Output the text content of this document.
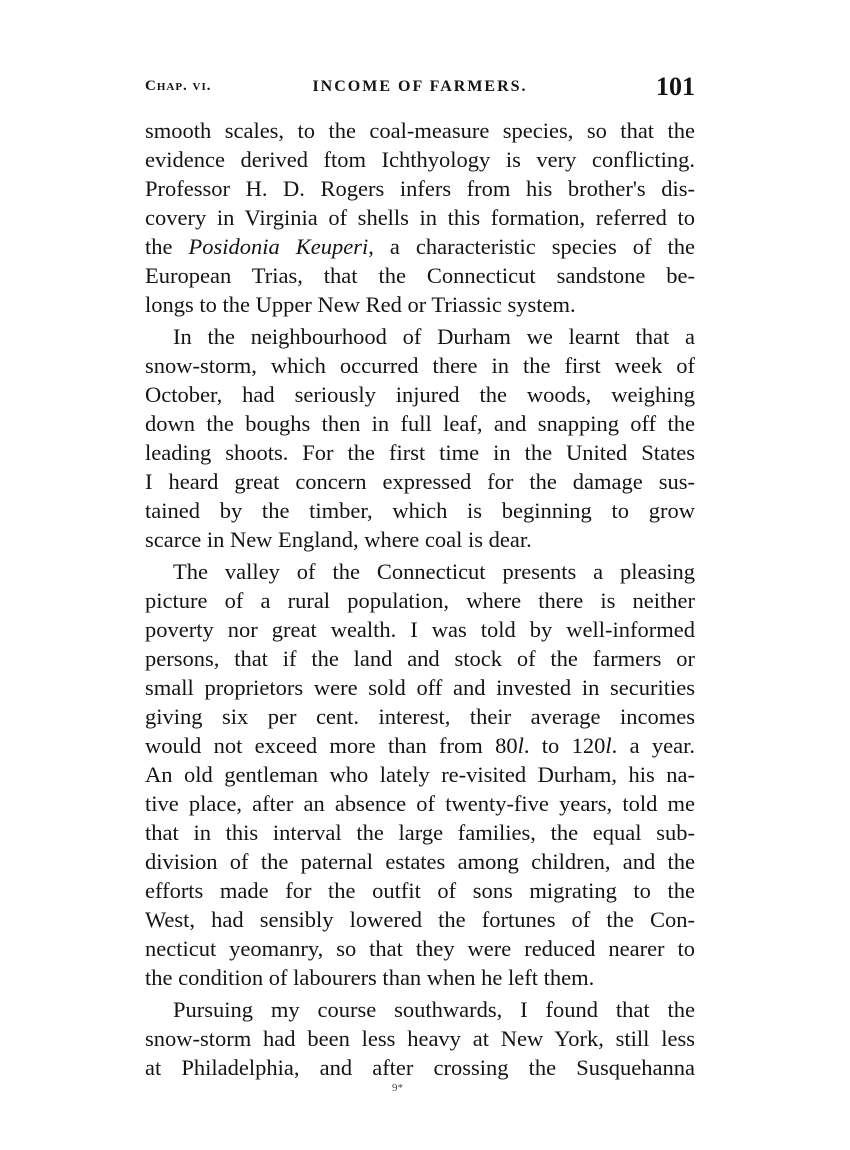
Chap. vi.	INCOME OF FARMERS.	101
smooth scales, to the coal-measure species, so that the
evidence derived ftom Ichthyology is very conflicting.
Professor H. D. Rogers infers from his brother's dis-
covery in Virginia of shells in this formation, referred to
the Posidonia Keuperi, a characteristic species of the
European Trias, that the Connecticut sandstone be-
longs to the Upper New Red or Triassic system.
In the neighbourhood of Durham we learnt that a
snow-storm, which occurred there in the first week of
October, had seriously injured the woods, weighing
down the boughs then in full leaf, and snapping off the
leading shoots. For the first time in the United States
I heard great concern expressed for the damage sus-
tained by the timber, which is beginning to grow
scarce in New England, where coal is dear.
The valley of the Connecticut presents a pleasing
picture of a rural population, where there is neither
poverty nor great wealth. I was told by well-informed
persons, that if the land and stock of the farmers or
small proprietors were sold off and invested in securities
giving six per cent. interest, their average incomes
would not exceed more than from 80l. to 120l. a year.
An old gentleman who lately re-visited Durham, his na-
tive place, after an absence of twenty-five years, told me
that in this interval the large families, the equal sub-
division of the paternal estates among children, and the
efforts made for the outfit of sons migrating to the
West, had sensibly lowered the fortunes of the Con-
necticut yeomanry, so that they were reduced nearer to
the condition of labourers than when he left them.
Pursuing my course southwards, I found that the
snow-storm had been less heavy at New York, still less
at Philadelphia, and after crossing the Susquehanna
9*
